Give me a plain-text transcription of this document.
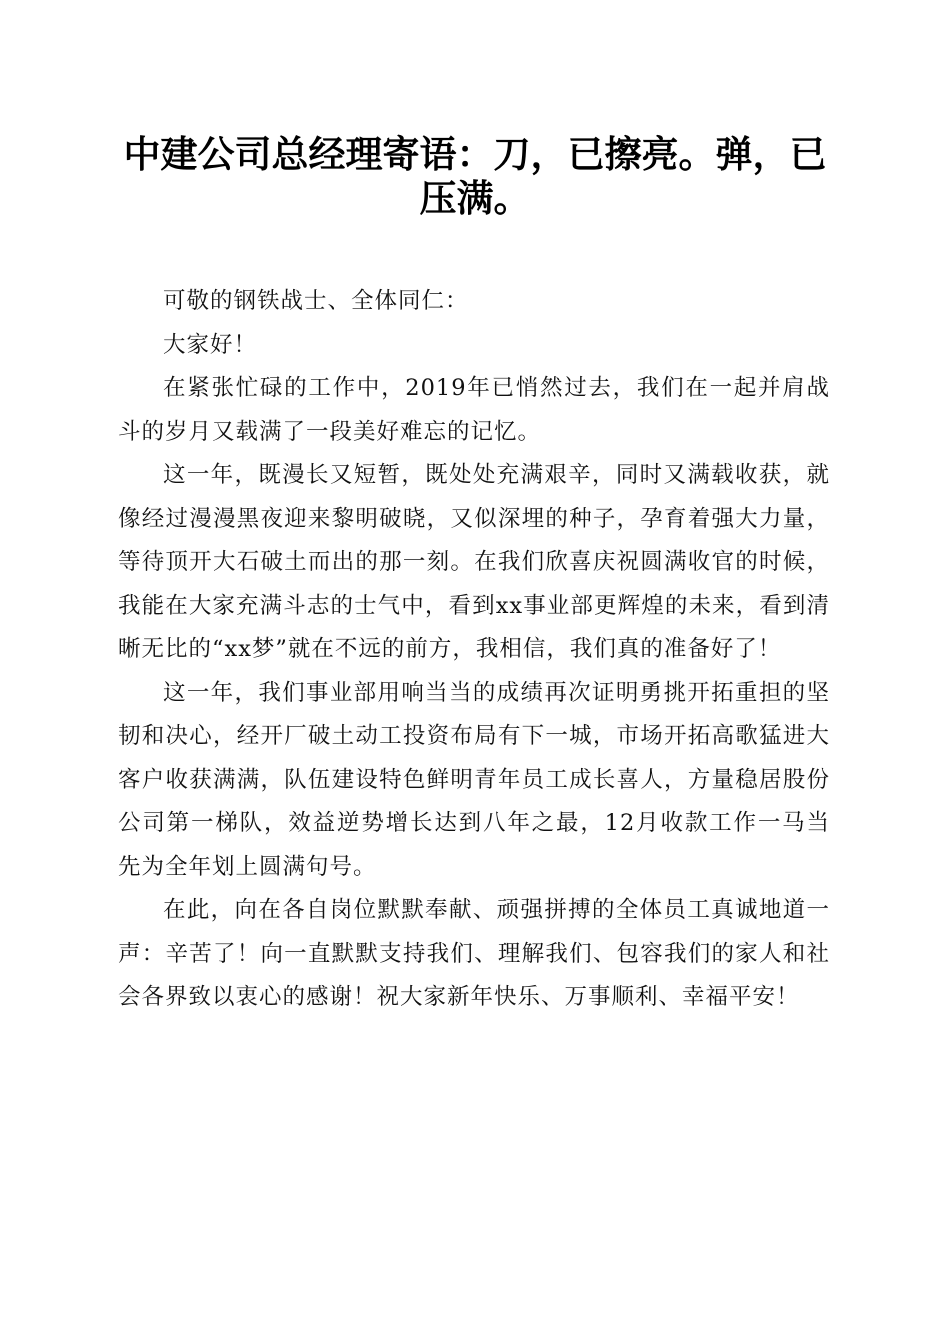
中建公司总经理寄语：刀，已擦亮。弹，已压满。

可敬的钢铁战士、全体同仁：

大家好！

在紧张忙碌的工作中，2019年已悄然过去，我们在一起并肩战斗的岁月又载满了一段美好难忘的记忆。

这一年，既漫长又短暂，既处处充满艰辛，同时又满载收获，就像经过漫漫黑夜迎来黎明破晓，又似深埋的种子，孕育着强大力量，等待顶开大石破土而出的那一刻。在我们欣喜庆祝圆满收官的时候，我能在大家充满斗志的士气中，看到xx事业部更辉煌的未来，看到清晰无比的“xx梦”就在不远的前方，我相信，我们真的准备好了！

这一年，我们事业部用响当当的成绩再次证明勇挑开拓重担的坚韧和决心，经开厂破土动工投资布局有下一城，市场开拓高歌猛进大客户收获满满，队伍建设特色鲜明青年员工成长喜人，方量稳居股份公司第一梯队，效益逆势增长达到八年之最，12月收款工作一马当先为全年划上圆满句号。

在此，向在各自岗位默默奉献、顽强拼搏的全体员工真诚地道一声：辛苦了！向一直默默支持我们、理解我们、包容我们的家人和社会各界致以衷心的感谢！祝大家新年快乐、万事顺利、幸福平安！
